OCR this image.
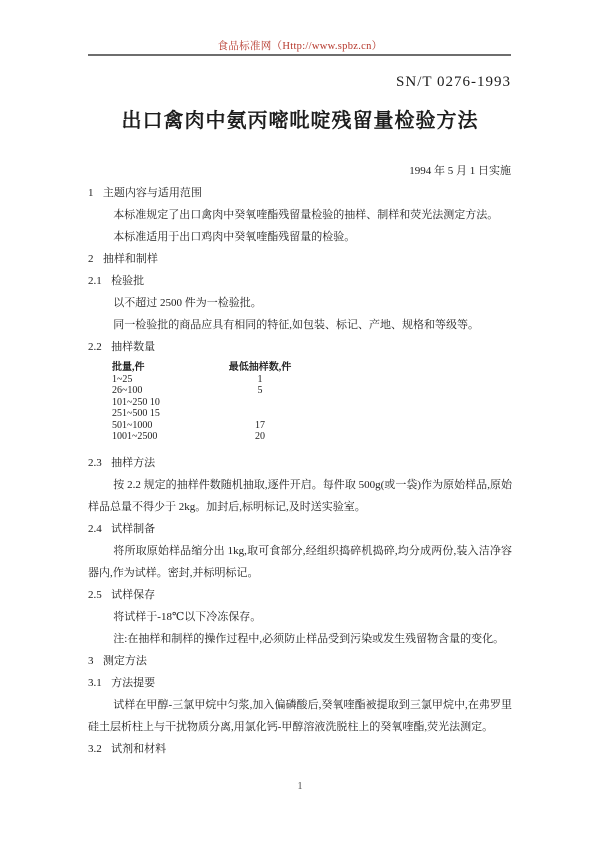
食品标准网（Http://www.spbz.cn）
SN/T 0276-1993
出口禽肉中氨丙嘧吡啶残留量检验方法
1994 年 5 月 1 日实施
1 主题内容与适用范围

本标准规定了出口禽肉中癸氧喹酯残留量检验的抽样、制样和荧光法测定方法。

本标准适用于出口鸡肉中癸氧喹酯残留量的检验。

2 抽样和制样
2.1 检验批

以不超过 2500 件为一检验批。

同一检验批的商品应具有相同的特征,如包装、标记、产地、规格和等级等。

2.2 抽样数量
批量,件	最低抽样数,件
1~25	1
26~100	5
101~250 10
251~500 15
501~1000	17
1001~2500	20
2.3 抽样方法

按 2.2 规定的抽样件数随机抽取,逐件开启。每件取 500g(或一袋)作为原始样品,原始样品总量不得少于 2kg。加封后,标明标记,及时送实验室。

2.4 试样制备

将所取原始样品缩分出 1kg,取可食部分,经组织捣碎机捣碎,均分成两份,装入洁净容器内,作为试样。密封,并标明标记。

2.5 试样保存

将试样于-18℃以下冷冻保存。

注:在抽样和制样的操作过程中,必须防止样品受到污染或发生残留物含量的变化。

3 测定方法
3.1 方法提要

试样在甲醇-三氯甲烷中匀浆,加入偏磷酸后,癸氧喹酯被提取到三氯甲烷中,在弗罗里硅土层析柱上与干扰物质分离,用氯化钙-甲醇溶液洗脱柱上的癸氧喹酯,荧光法测定。

3.2 试剂和材料
1
